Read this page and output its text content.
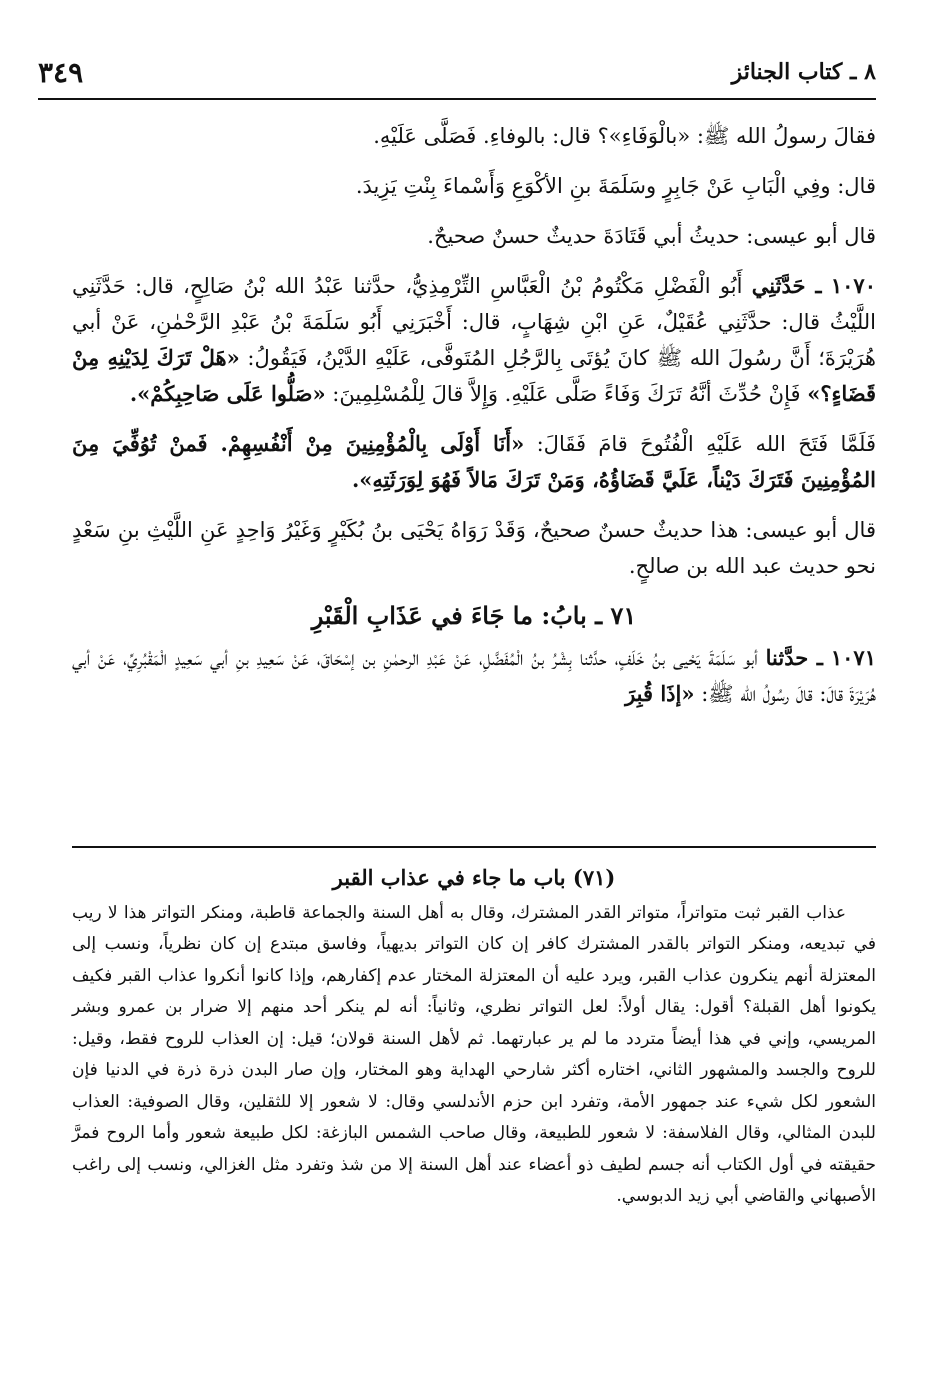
٣٤٩	٨ ـ كتاب الجنائز

فقالَ رسولُ الله ﷺ: «بالْوَفَاءِ»؟ قال: بالوفاءِ. فَصَلَّى عَلَيْهِ.

قال: وفِي الْبَابِ عَنْ جَابِرٍ وسَلَمَةَ بنِ الأكْوَعِ وَأَسْماءَ بِنْتِ يَزِيدَ.

قال أبو عيسى: حديثُ أبي قَتَادَةَ حديثٌ حسنٌ صحيحٌ.

١٠٧٠ ـ حَدَّثَنِي أَبُو الْفَضْلِ مَكْتُومُ بْنُ الْعَبَّاسِ التِّرْمِذِيُّ، حدَّثنا عَبْدُ الله بْنُ صَالِحٍ، قال: حَدَّثَنِي اللَّيْثُ قال: حدَّثَنِي عُقَيْلٌ، عَنِ ابْنِ شِهَابٍ، قال: أَخْبَرَنِي أَبُو سَلَمَةَ بْنُ عَبْدِ الرَّحْمٰنِ، عَنْ أبي هُرَيْرَةَ؛ أَنَّ رسُولَ الله ﷺ كانَ يُؤتَى بِالرَّجُلِ المُتَوفَّى، عَلَيْهِ الدَّيْنُ، فَيَقُولُ: «هَلْ تَرَكَ لِدَيْنِهِ مِنْ قَضَاءٍ؟» فَإِنْ حُدِّثَ أنَّهُ تَرَكَ وَفَاءً صَلَّى عَلَيْهِ. وَإِلاَّ قالَ لِلْمُسْلِمِينَ: «صَلُّوا عَلَى صَاحِبِكُمْ».

فَلَمَّا فَتَحَ الله عَلَيْهِ الْفُتُوحَ قامَ فَقَالَ: «أَنَا أَوْلَى بِالْمُؤْمِنِينَ مِنْ أَنْفُسِهِمْ. فَمنْ تُوُفِّيَ مِنَ المُؤْمِنِينَ فَتَرَكَ دَيْناً، عَلَيَّ قَضَاؤُهُ، وَمَنْ تَرَكَ مَالاً فَهُوَ لِوَرَثَتِهِ».

قال أبو عيسى: هذا حديثٌ حسنٌ صحيحٌ، وَقَدْ رَوَاهُ يَحْيَى بنُ بُكَيْرٍ وَغَيْرُ وَاحِدٍ عَنِ اللَّيْثِ بنِ سَعْدٍ نحو حديث عبد الله بن صالحٍ.

٧١ ـ بابُ: ما جَاءَ في عَذَابِ الْقَبْرِ

١٠٧١ ـ حدَّثنا أبو سَلَمَةَ يَحْيى بنُ خَلَفٍ، حدَّثنا بِشْرُ بنُ الْمُفَضَّلِ، عَنْ عَبْدِ الرحمٰنِ بن إسْحَاقَ، عَنْ سَعِيدِ بنِ أبي سَعِيدٍ الْمَقْبُرِيِّ، عَنْ أبي هُرَيْرَةَ قالَ: قالَ رسُولُ الله ﷺ: «إذَا قُبِرَ

(٧١) باب ما جاء في عذاب القبر

عذاب القبر ثبت متواتراً، متواتر القدر المشترك، وقال به أهل السنة والجماعة قاطبة، ومنكر التواتر هذا لا ريب في تبديعه، ومنكر التواتر بالقدر المشترك كافر إن كان التواتر بديهياً، وفاسق مبتدع إن كان نظرياً، ونسب إلى المعتزلة أنهم ينكرون عذاب القبر، ويرد عليه أن المعتزلة المختار عدم إكفارهم، وإذا كانوا أنكروا عذاب القبر فكيف يكونوا أهل القبلة؟ أقول: يقال أولاً: لعل التواتر نظري، وثانياً: أنه لم ينكر أحد منهم إلا ضرار بن عمرو وبشر المريسي، وإني في هذا أيضاً متردد ما لم ير عبارتهما. ثم لأهل السنة قولان؛ قيل: إن العذاب للروح فقط، وقيل: للروح والجسد والمشهور الثاني، اختاره أكثر شارحي الهداية وهو المختار، وإن صار البدن ذرة ذرة في الدنيا فإن الشعور لكل شيء عند جمهور الأمة، وتفرد ابن حزم الأندلسي وقال: لا شعور إلا للثقلين، وقال الصوفية: العذاب للبدن المثالي، وقال الفلاسفة: لا شعور للطبيعة، وقال صاحب الشمس البازغة: لكل طبيعة شعور وأما الروح فمرَّ حقيقته في أول الكتاب أنه جسم لطيف ذو أعضاء عند أهل السنة إلا من شذ وتفرد مثل الغزالي، ونسب إلى راغب الأصبهاني والقاضي أبي زيد الدبوسي.
